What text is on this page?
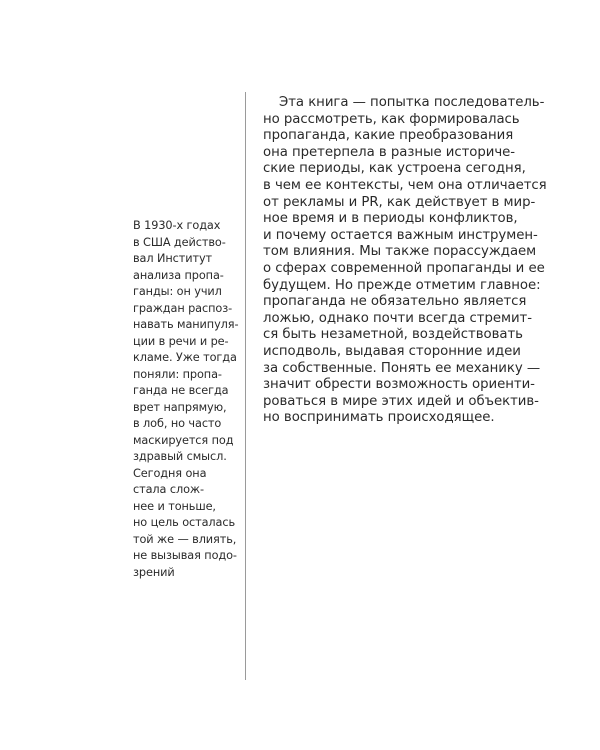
В 1930-х годах
в США действо-
вал Институт
анализа пропа-
ганды: он учил
граждан распоз-
навать манипуля-
ции в речи и ре-
кламе. Уже тогда
поняли: пропа-
ганда не всегда
врет напрямую,
в лоб, но часто
маскируется под
здравый смысл.
Сегодня она
стала слож-
нее и тоньше,
но цель осталась
той же — влиять,
не вызывая подо-
зрений
Эта книга — попытка последователь-
но рассмотреть, как формировалась
пропаганда, какие преобразования
она претерпела в разные историче-
ские периоды, как устроена сегодня,
в чем ее контексты, чем она отличается
от рекламы и PR, как действует в мир-
ное время и в периоды конфликтов,
и почему остается важным инструмен-
том влияния. Мы также порассуждаем
о сферах современной пропаганды и ее
будущем. Но прежде отметим главное:
пропаганда не обязательно является
ложью, однако почти всегда стремит-
ся быть незаметной, воздействовать
исподволь, выдавая сторонние идеи
за собственные. Понять ее механику —
значит обрести возможность ориенти-
роваться в мире этих идей и объектив-
но воспринимать происходящее.
